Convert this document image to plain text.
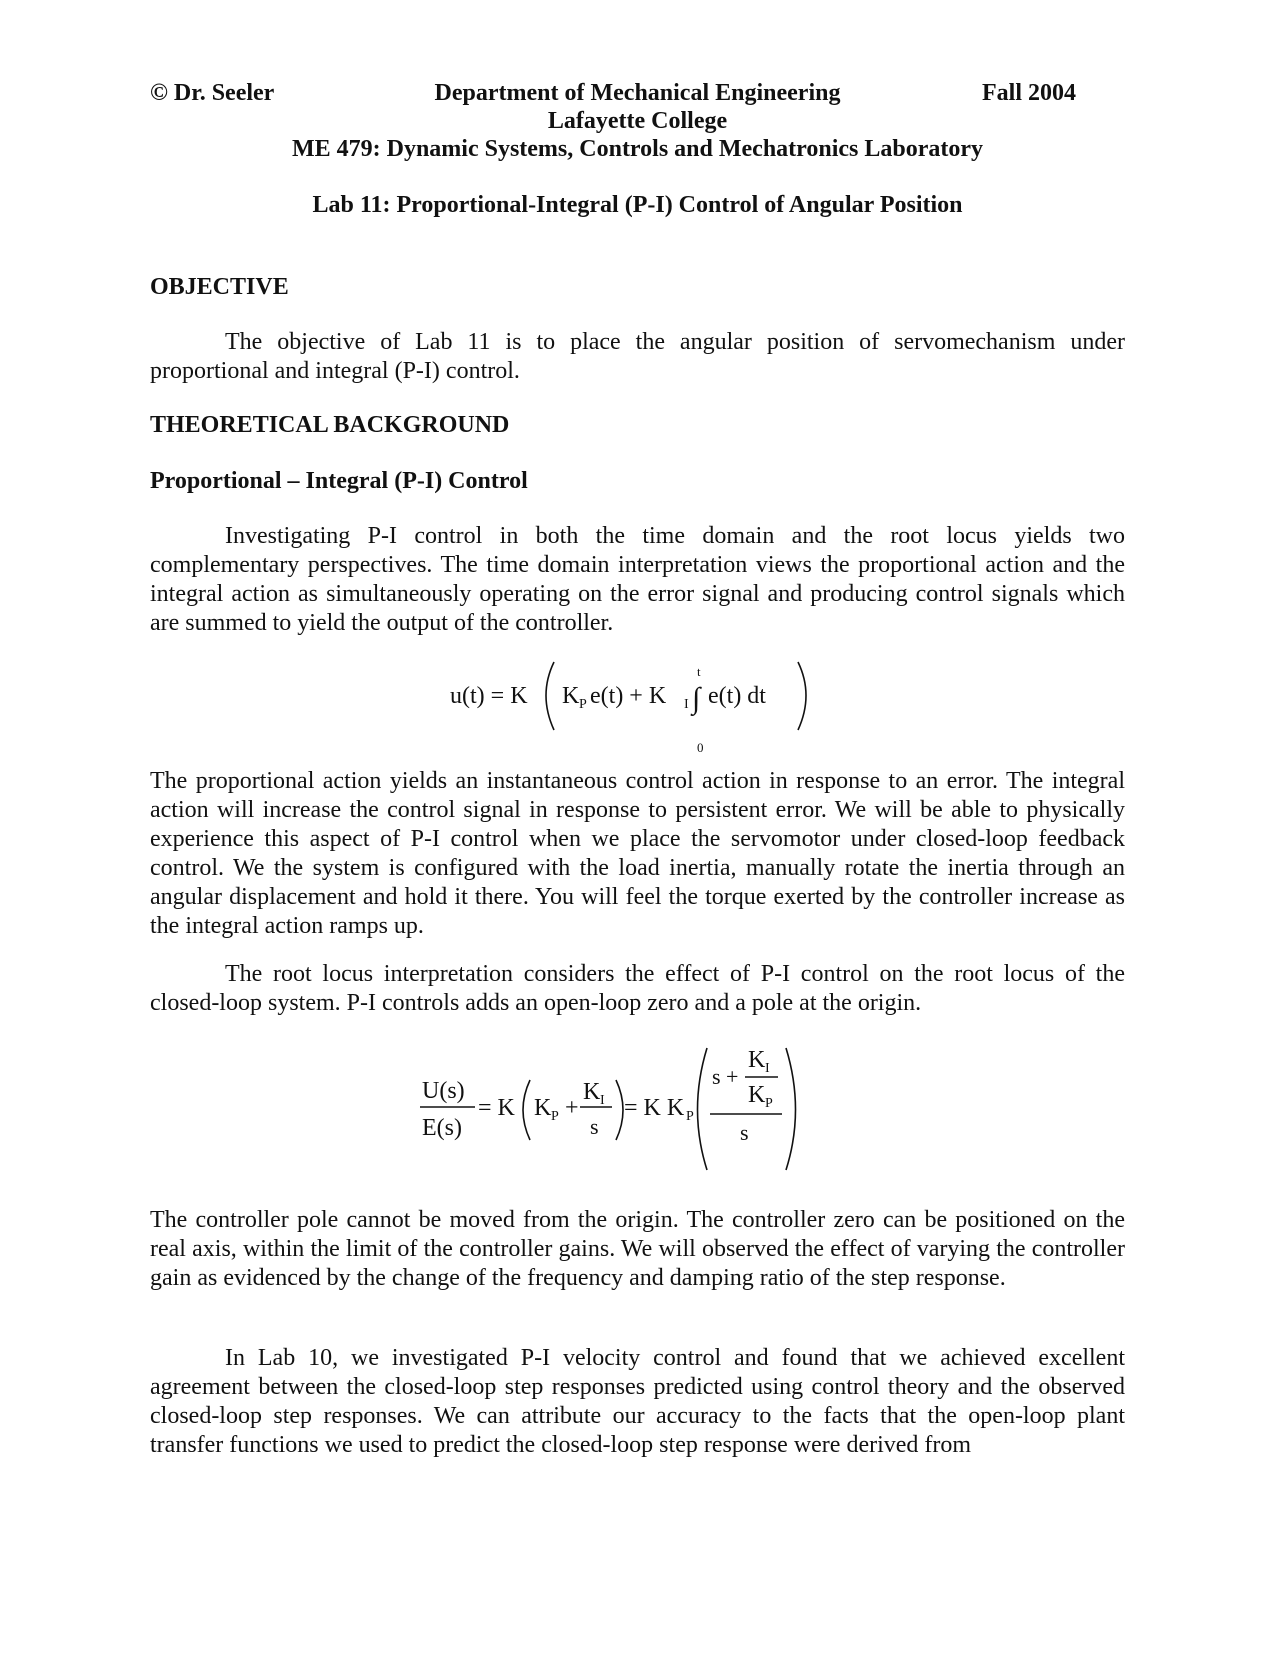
© Dr. Seeler	Department of Mechanical Engineering	Fall 2004
Lafayette College
ME 479: Dynamic Systems, Controls and Mechatronics Laboratory
Lab 11: Proportional-Integral (P-I) Control of Angular Position
OBJECTIVE
The objective of Lab 11 is to place the angular position of servomechanism under proportional and integral (P-I) control.
THEORETICAL BACKGROUND
Proportional – Integral (P-I) Control
Investigating P-I control in both the time domain and the root locus yields two complementary perspectives. The time domain interpretation views the proportional action and the integral action as simultaneously operating on the error signal and producing control signals which are summed to yield the output of the controller.
u(t) = K K P e(t) + K I ∫
t
0
e(t) dt
The proportional action yields an instantaneous control action in response to an error. The integral action will increase the control signal in response to persistent error. We will be able to physically experience this aspect of P-I control when we place the servomotor under closed-loop feedback control. We the system is configured with the load inertia, manually rotate the inertia through an angular displacement and hold it there. You will feel the torque exerted by the controller increase as the integral action ramps up.
The root locus interpretation considers the effect of P-I control on the root locus of the closed-loop system. P-I controls adds an open-loop zero and a pole at the origin.
U(s)
E(s)
= K K P +
K I
s
= K K P
s +
K I
K P
s
The controller pole cannot be moved from the origin. The controller zero can be positioned on the real axis, within the limit of the controller gains. We will observed the effect of varying the controller gain as evidenced by the change of the frequency and damping ratio of the step response.
In Lab 10, we investigated P-I velocity control and found that we achieved excellent agreement between the closed-loop step responses predicted using control theory and the observed closed-loop step responses. We can attribute our accuracy to the facts that the open-loop plant transfer functions we used to predict the closed-loop step response were derived from
